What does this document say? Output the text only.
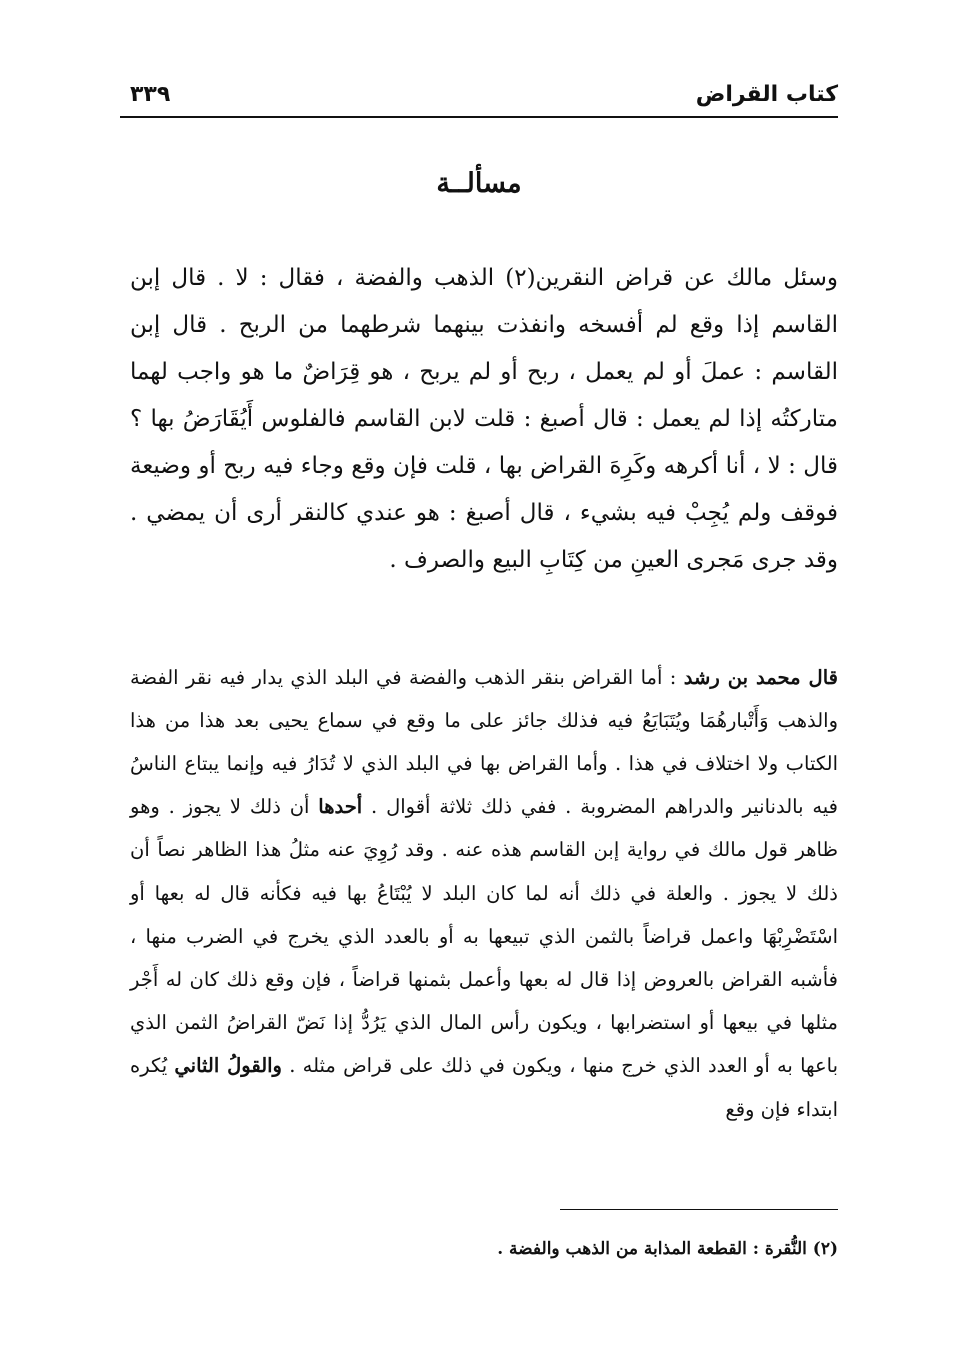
كتاب القراض
٣٣٩
مسألــة

وسئل مالك عن قراض النقرين(٢) الذهب والفضة ، فقال : لا . قال إبن القاسم إذا وقع لم أفسخه وانفذت بينهما شرطهما من الربح . قال إبن القاسم : عملَ أو لم يعمل ، ربح أو لم يربح ، هو قِرَاضٌ ما هو واجب لهما متاركتُه إذا لم يعمل : قال أصبغ : قلت لابن القاسم فالفلوس أَيُقَارَضُ بها ؟ قال : لا ، أنا أكرهه وكَرِهَ القراض بها ، قلت فإن وقع وجاء فيه ربح أو وضيعة فوقف ولم يُجِبْ فيه بشيء ، قال أصبغ : هو عندي كالنقر أرى أن يمضي . وقد جرى مَجرى العينِ من كِتَابِ البيع والصرف .

قال محمد بن رشد : أما القراض بنقر الذهب والفضة في البلد الذي يدار فيه نقر الفضة والذهب وَأَتْبارهُمَا ويُتَبَايَعُ فيه فذلك جائز على ما وقع في سماع يحيى بعد هذا من هذا الكتاب ولا اختلاف في هذا . وأما القراض بها في البلد الذي لا تُدَارُ فيه وإنما يبتاع الناسُ فيه بالدنانير والدراهم المضروبة . ففي ذلك ثلاثة أقوال . أحدها أن ذلك لا يجوز . وهو ظاهر قول مالك في رواية إبن القاسم هذه عنه . وقد رُوِيَ عنه مثلُ هذا الظاهر نصاً أن ذلك لا يجوز . والعلة في ذلك أنه لما كان البلد لا يُبْتَاعُ بها فيه فكأنه قال له بعها أو اسْتَضْرِبْهَا واعمل قراضاً بالثمن الذي تبيعها به أو بالعدد الذي يخرج في الضرب منها ، فأشبه القراض بالعروض إذا قال له بعها وأعمل بثمنها قراضاً ، فإن وقع ذلك كان له أَجْر مثلها في بيعها أو استضرابها ، ويكون رأس المال الذي يَرُدُّ إذا نَضّ القراضُ الثمن الذي باعها به أو العدد الذي خرج منها ، ويكون في ذلك على قراض مثله . والقولُ الثاني يُكره ابتداء فإن وقع

(٢) النُّقرة : القطعة المذابة من الذهب والفضة .
